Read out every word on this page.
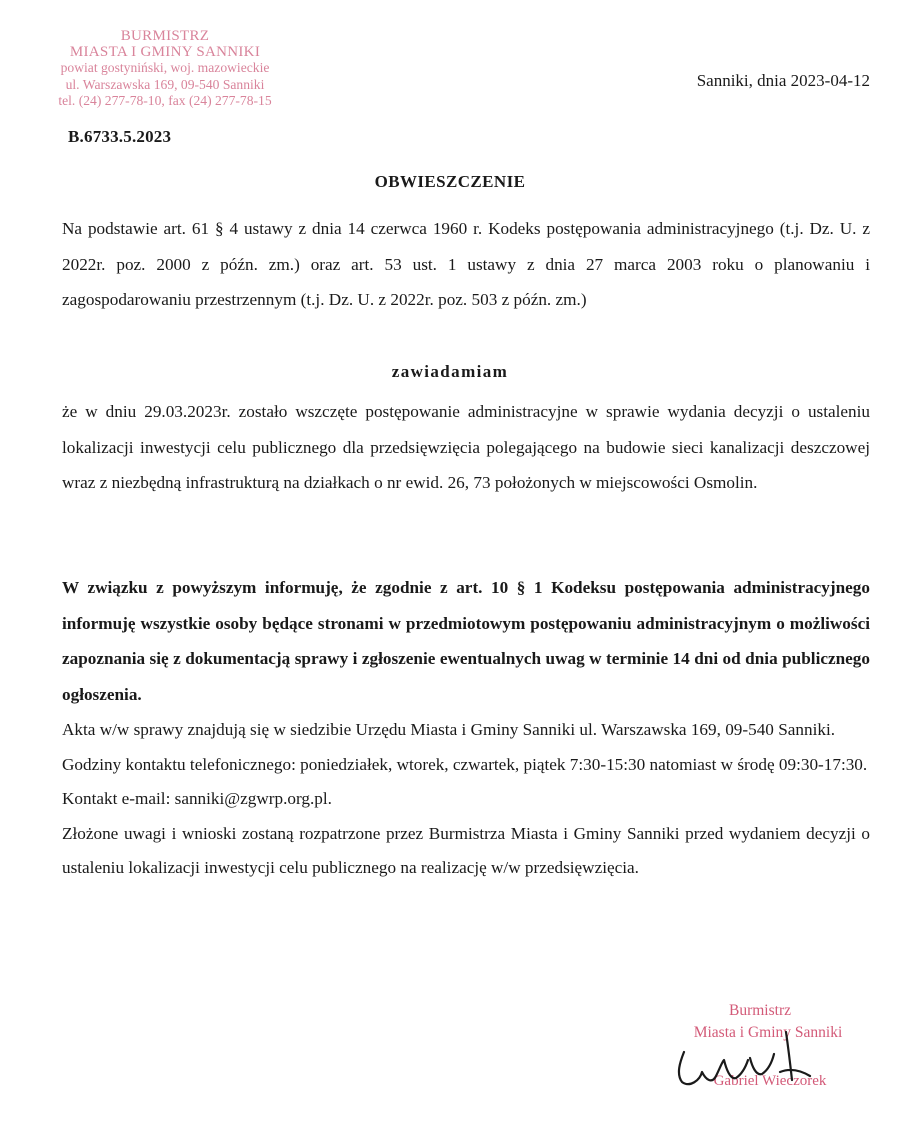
BURMISTRZ
MIASTA I GMINY SANNIKI
powiat gostyniński, woj. mazowieckie
ul. Warszawska 169, 09-540 Sanniki
tel. (24) 277-78-10, fax (24) 277-78-15
B.6733.5.2023
Sanniki, dnia 2023-04-12
OBWIESZCZENIE
Na podstawie art. 61 § 4 ustawy z dnia 14 czerwca 1960 r. Kodeks postępowania administracyjnego (t.j. Dz. U. z 2022r. poz. 2000 z późn. zm.) oraz art. 53 ust. 1 ustawy z dnia 27 marca 2003 roku o planowaniu i zagospodarowaniu przestrzennym (t.j. Dz. U. z 2022r. poz. 503 z późn. zm.)
zawiadamiam
że w dniu 29.03.2023r. zostało wszczęte postępowanie administracyjne w sprawie wydania decyzji o ustaleniu lokalizacji inwestycji celu publicznego dla przedsięwzięcia polegającego na budowie sieci kanalizacji deszczowej wraz z niezbędną infrastrukturą na działkach o nr ewid. 26, 73 położonych w miejscowości Osmolin.
W związku z powyższym informuję, że zgodnie z art. 10 § 1 Kodeksu postępowania administracyjnego informuję wszystkie osoby będące stronami w przedmiotowym postępowaniu administracyjnym o możliwości zapoznania się z dokumentacją sprawy i zgłoszenie ewentualnych uwag w terminie 14 dni od dnia publicznego ogłoszenia.
Akta w/w sprawy znajdują się w siedzibie Urzędu Miasta i Gminy Sanniki ul. Warszawska 169, 09-540 Sanniki.
Godziny kontaktu telefonicznego: poniedziałek, wtorek, czwartek, piątek 7:30-15:30 natomiast w środę 09:30-17:30.
Kontakt e-mail: sanniki@zgwrp.org.pl.
Złożone uwagi i wnioski zostaną rozpatrzone przez Burmistrza Miasta i Gminy Sanniki przed wydaniem decyzji o ustaleniu lokalizacji inwestycji celu publicznego na realizację w/w przedsięwzięcia.
Burmistrz
Miasta i Gminy Sanniki
Gabriel Wieczorek
